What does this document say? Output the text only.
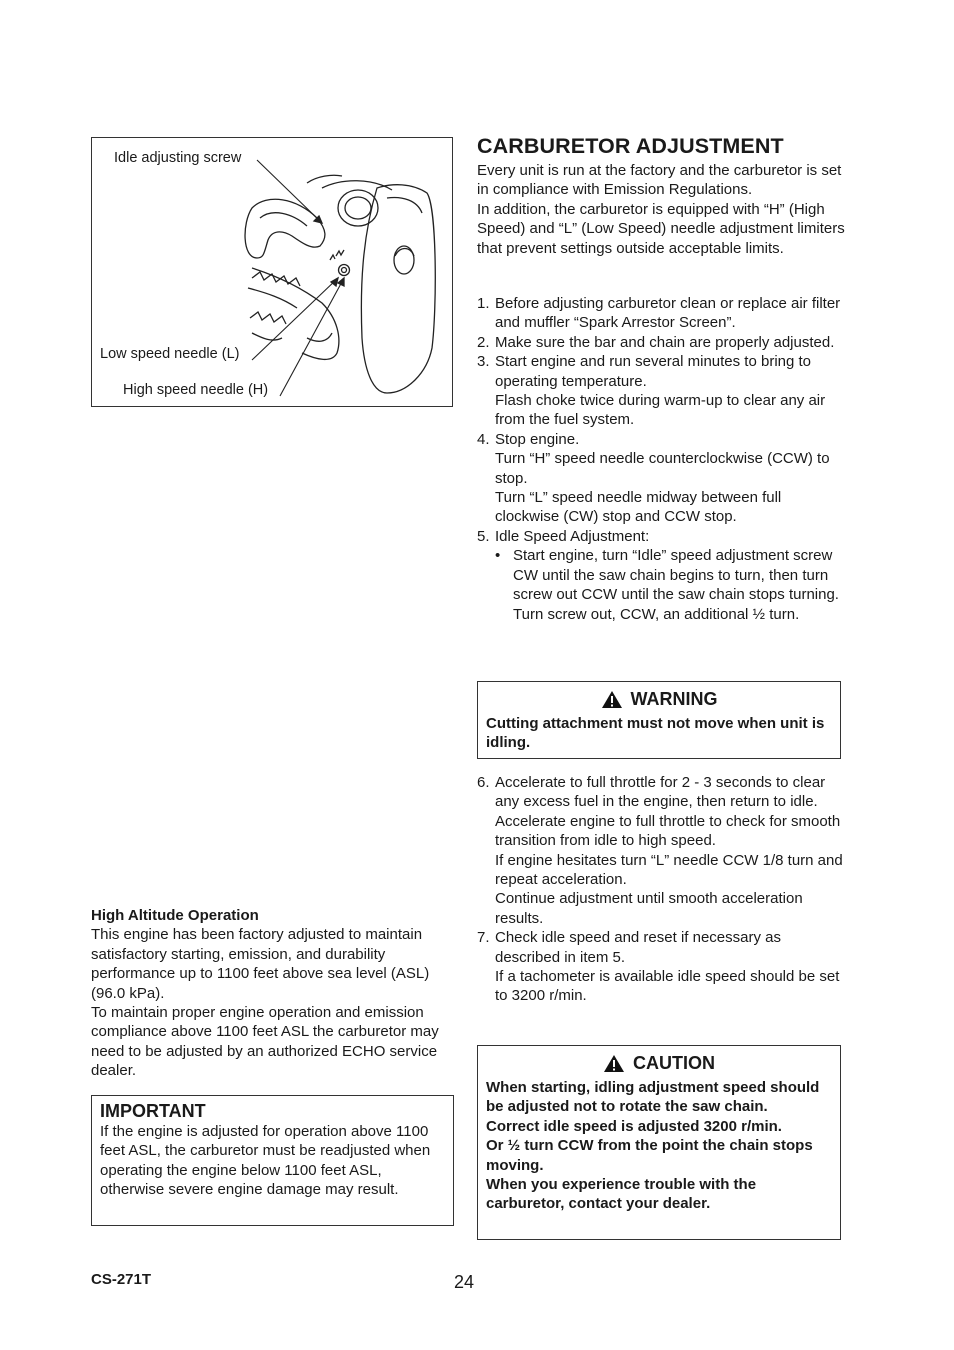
Idle adjusting screw
Low speed needle (L)
High speed needle (H)

High Altitude Operation

This engine has been factory adjusted to maintain satisfactory starting, emission, and durability performance up to 1100 feet above sea level (ASL) (96.0 kPa).

To maintain proper engine operation and emission compliance above 1100 feet ASL the carburetor may need to be adjusted by an authorized ECHO service dealer.

IMPORTANT

If the engine is adjusted for operation above 1100 feet ASL, the carburetor must be readjusted when operating the engine below 1100 feet ASL, otherwise severe engine damage may result.

CARBURETOR ADJUSTMENT

Every unit is run at the factory and the carburetor is set in compliance with Emission Regulations.

In addition, the carburetor is equipped with “H” (High Speed) and “L” (Low Speed) needle adjustment limiters that prevent settings outside acceptable limits.

1. Before adjusting carburetor clean or replace air filter and muffler “Spark Arrestor Screen”.
2. Make sure the bar and chain are properly adjusted.
3. Start engine and run several minutes to bring to operating temperature.
Flash choke twice during warm-up to clear any air from the fuel system.
4. Stop engine.
Turn “H” speed needle counterclockwise (CCW) to stop.
Turn “L” speed needle midway between full clockwise (CW) stop and CCW stop.
5. Idle Speed Adjustment:
• Start engine, turn “Idle” speed adjustment screw CW until the saw chain begins to turn, then turn screw out CCW until the saw chain stops turning.
Turn screw out, CCW, an additional ½ turn.
WARNING

Cutting attachment must not move when unit is idling.

6. Accelerate to full throttle for 2 - 3 seconds to clear any excess fuel in the engine, then return to idle.
Accelerate engine to full throttle to check for smooth transition from idle to high speed.
If engine hesitates turn “L” needle CCW 1/8 turn and repeat acceleration.
Continue adjustment until smooth acceleration results.
7. Check idle speed and reset if necessary as described in item 5.
If a tachometer is available idle speed should be set to 3200 r/min.
CAUTION

When starting, idling adjustment speed should be adjusted not to rotate the saw chain.

Correct idle speed is adjusted 3200 r/min.

Or ½ turn CCW from the point the chain stops moving.

When you experience trouble with the carburetor, contact your dealer.

CS-271T	24
